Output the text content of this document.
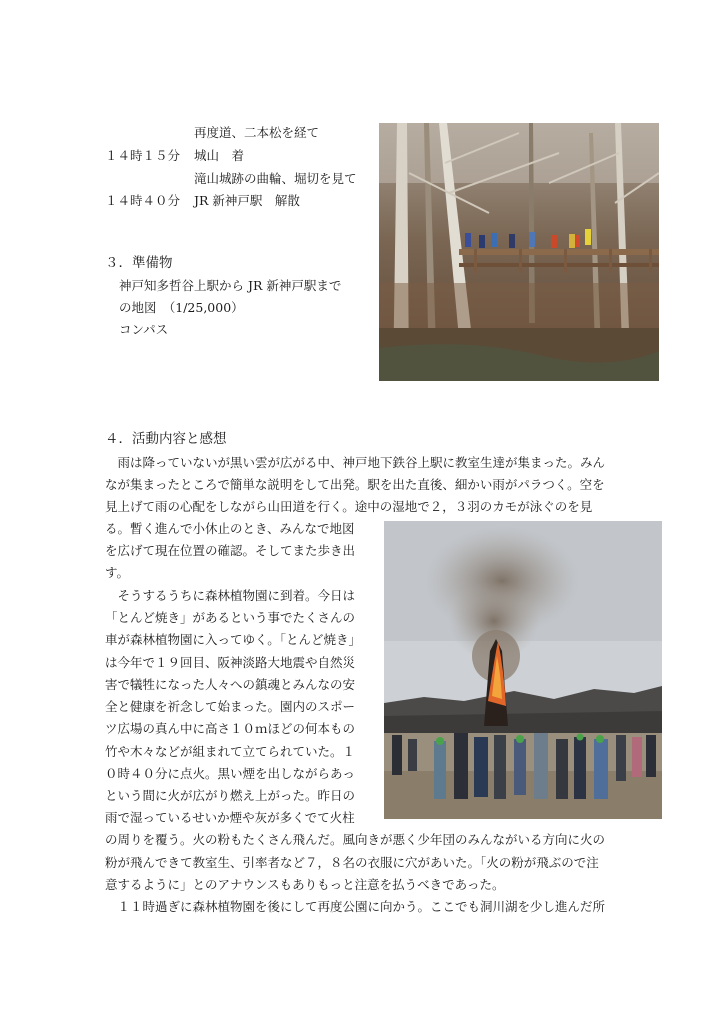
再度道、二本松を経て
１４時１５分 城山　着
滝山城跡の曲輪、堀切を見て
１４時４０分 JR 新神戸駅　解散
３．準備物
神戸知多哲谷上駅から JR 新神戸駅まで
の地図　（1/25,000）
コンパス
４．活動内容と感想
　雨は降っていないが黒い雲が広がる中、神戸地下鉄谷上駅に教室生達が集まった。みん
なが集まったところで簡単な説明をして出発。駅を出た直後、細かい雨がパラつく。空を
見上げて雨の心配をしながら山田道を行く。途中の湿地で２，３羽のカモが泳ぐのを見
る。暫く進んで小休止のとき、みんなで地図
を広げて現在位置の確認。そしてまた歩き出
す。
　そうするうちに森林植物園に到着。今日は
「とんど焼き」があるという事でたくさんの
車が森林植物園に入ってゆく。「とんど焼き」
は今年で１９回目、阪神淡路大地震や自然災
害で犠牲になった人々への鎮魂とみんなの安
全と健康を祈念して始まった。園内のスポー
ツ広場の真ん中に高さ１０ｍほどの何本もの
竹や木々などが組まれて立てられていた。１
０時４０分に点火。黒い煙を出しながらあっ
という間に火が広がり燃え上がった。昨日の
雨で湿っているせいか煙や灰が多くでて火柱
の周りを覆う。火の粉もたくさん飛んだ。風向きが悪く少年団のみんながいる方向に火の
粉が飛んできて教室生、引率者など７，８名の衣服に穴があいた。「火の粉が飛ぶので注
意するように」とのアナウンスもありもっと注意を払うべきであった。
　１１時過ぎに森林植物園を後にして再度公園に向かう。ここでも洞川湖を少し進んだ所
